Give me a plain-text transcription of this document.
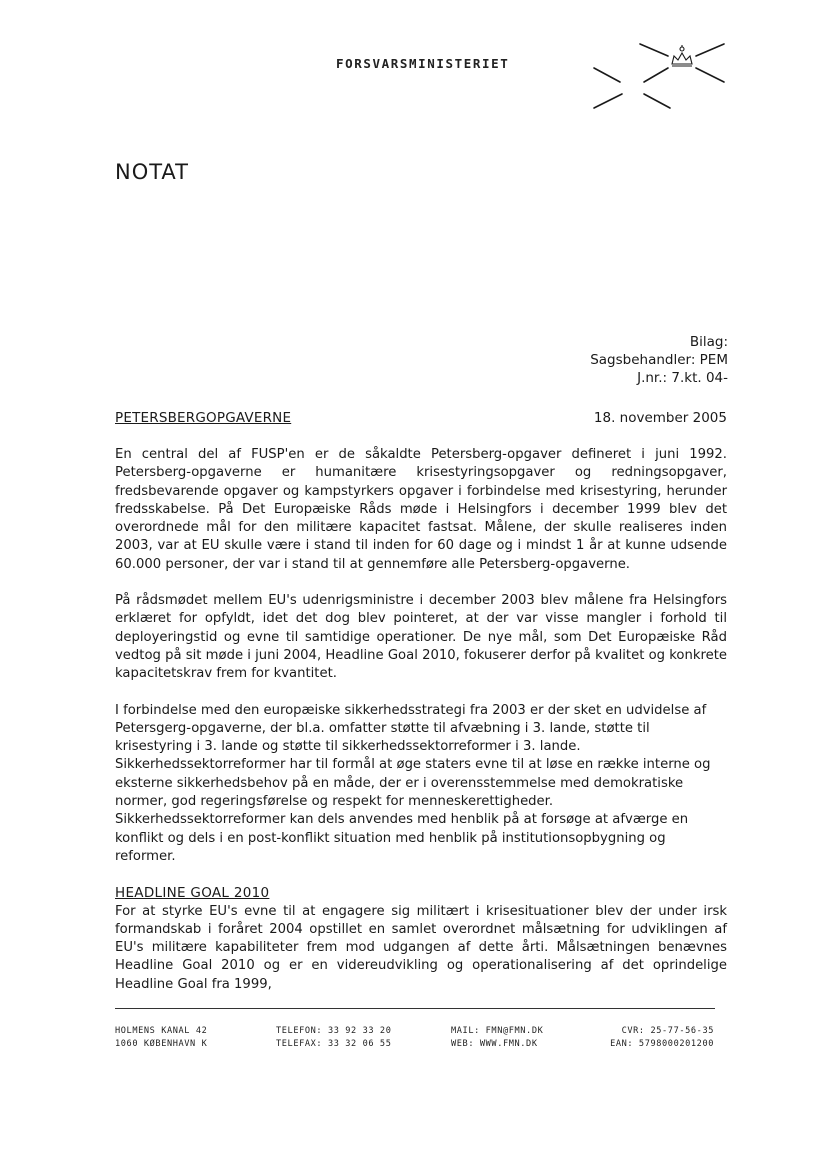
FORSVARSMINISTERIET
NOTAT
Bilag:
Sagsbehandler: PEM
J.nr.: 7.kt. 04-
PETERSBERGOPGAVERNE	18. november 2005

En central del af FUSP'en er de såkaldte Petersberg-opgaver defineret i juni 1992. Petersberg-opgaverne er humanitære krisestyringsopgaver og redningsopgaver, fredsbevarende opgaver og kampstyrkers opgaver i forbindelse med krisestyring, herunder fredsskabelse. På Det Europæiske Råds møde i Helsingfors i december 1999 blev det overordnede mål for den militære kapacitet fastsat. Målene, der skulle realiseres inden 2003, var at EU skulle være i stand til inden for 60 dage og i mindst 1 år at kunne udsende 60.000 personer, der var i stand til at gennemføre alle Petersberg-opgaverne.

På rådsmødet mellem EU's udenrigsministre i december 2003 blev målene fra Helsingfors erklæret for opfyldt, idet det dog blev pointeret, at der var visse mangler i forhold til deployeringstid og evne til samtidige operationer. De nye mål, som Det Europæiske Råd vedtog på sit møde i juni 2004, Headline Goal 2010, fokuserer derfor på kvalitet og konkrete kapacitetskrav frem for kvantitet.

I forbindelse med den europæiske sikkerhedsstrategi fra 2003 er der sket en udvidelse af Petersgerg-opgaverne, der bl.a. omfatter støtte til afvæbning i 3. lande, støtte til krisestyring i 3. lande og støtte til sikkerhedssektorreformer i 3. lande. Sikkerhedssektorreformer har til formål at øge staters evne til at løse en række interne og eksterne sikkerhedsbehov på en måde, der er i overensstemmelse med demokratiske normer, god regeringsførelse og respekt for menneskerettigheder. Sikkerhedssektorreformer kan dels anvendes med henblik på at forsøge at afværge en konflikt og dels i en post-konflikt situation med henblik på institutionsopbygning og reformer.

HEADLINE GOAL 2010

For at styrke EU's evne til at engagere sig militært i krisesituationer blev der under irsk formandskab i foråret 2004 opstillet en samlet overordnet målsætning for udviklingen af EU's militære kapabiliteter frem mod udgangen af dette årti. Målsætningen benævnes Headline Goal 2010 og er en videreudvikling og operationalisering af det oprindelige Headline Goal fra 1999,

HOLMENS KANAL 42
1060 KØBENHAVN K
TELEFON: 33 92 33 20
TELEFAX: 33 32 06 55
MAIL: FMN@FMN.DK
WEB: WWW.FMN.DK
CVR: 25-77-56-35
EAN: 5798000201200
